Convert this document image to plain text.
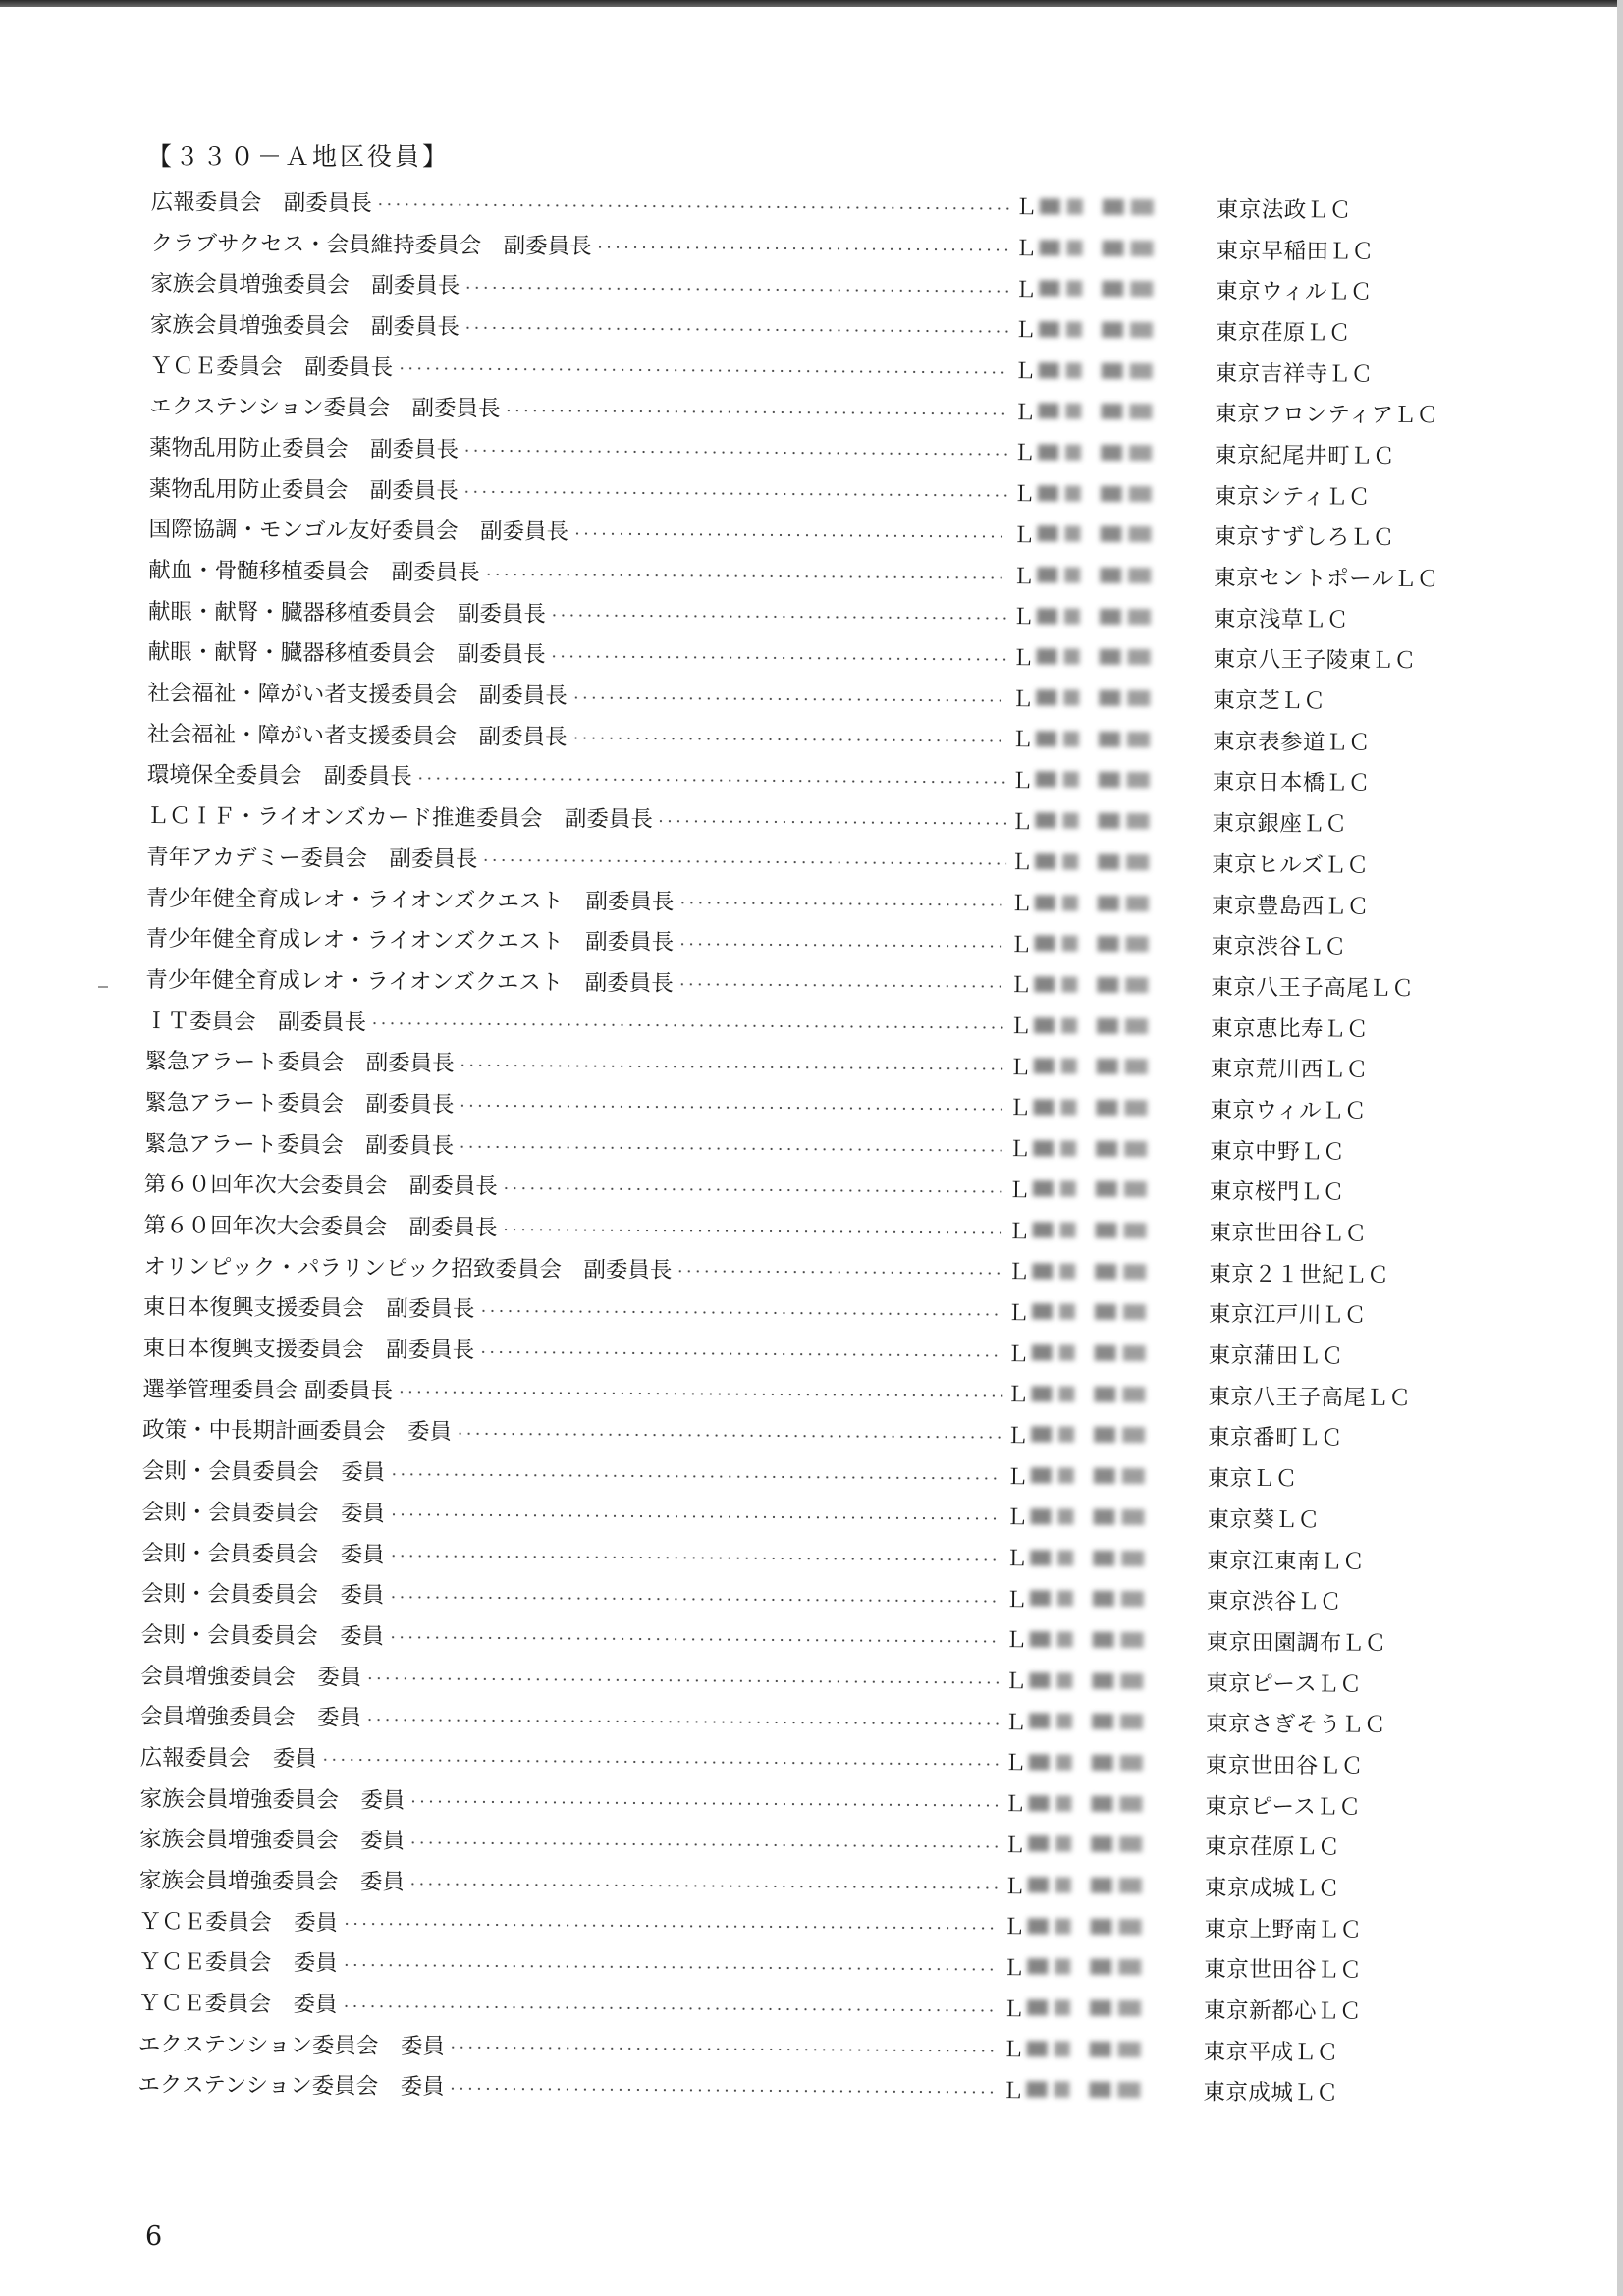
【３３０－Ａ地区役員】
広報委員会　副委員長	Ｌ	東京法政ＬＣ
クラブサクセス・会員維持委員会　副委員長	Ｌ	東京早稲田ＬＣ
家族会員増強委員会　副委員長	Ｌ	東京ウィルＬＣ
家族会員増強委員会　副委員長	Ｌ	東京荏原ＬＣ
ＹＣＥ委員会　副委員長	Ｌ	東京吉祥寺ＬＣ
エクステンション委員会　副委員長	Ｌ	東京フロンティアＬＣ
薬物乱用防止委員会　副委員長	Ｌ	東京紀尾井町ＬＣ
薬物乱用防止委員会　副委員長	Ｌ	東京シティＬＣ
国際協調・モンゴル友好委員会　副委員長	Ｌ	東京すずしろＬＣ
献血・骨髄移植委員会　副委員長	Ｌ	東京セントポールＬＣ
献眼・献腎・臓器移植委員会　副委員長	Ｌ	東京浅草ＬＣ
献眼・献腎・臓器移植委員会　副委員長	Ｌ	東京八王子陵東ＬＣ
社会福祉・障がい者支援委員会　副委員長	Ｌ	東京芝ＬＣ
社会福祉・障がい者支援委員会　副委員長	Ｌ	東京表参道ＬＣ
環境保全委員会　副委員長	Ｌ	東京日本橋ＬＣ
ＬＣＩＦ・ライオンズカード推進委員会　副委員長	Ｌ	東京銀座ＬＣ
青年アカデミー委員会　副委員長	Ｌ	東京ヒルズＬＣ
青少年健全育成レオ・ライオンズクエスト　副委員長	Ｌ	東京豊島西ＬＣ
青少年健全育成レオ・ライオンズクエスト　副委員長	Ｌ	東京渋谷ＬＣ
青少年健全育成レオ・ライオンズクエスト　副委員長	Ｌ	東京八王子高尾ＬＣ
ＩＴ委員会　副委員長	Ｌ	東京恵比寿ＬＣ
緊急アラート委員会　副委員長	Ｌ	東京荒川西ＬＣ
緊急アラート委員会　副委員長	Ｌ	東京ウィルＬＣ
緊急アラート委員会　副委員長	Ｌ	東京中野ＬＣ
第６０回年次大会委員会　副委員長	Ｌ	東京桜門ＬＣ
第６０回年次大会委員会　副委員長	Ｌ	東京世田谷ＬＣ
オリンピック・パラリンピック招致委員会　副委員長	Ｌ	東京２１世紀ＬＣ
東日本復興支援委員会　副委員長	Ｌ	東京江戸川ＬＣ
東日本復興支援委員会　副委員長	Ｌ	東京蒲田ＬＣ
選挙管理委員会 副委員長	Ｌ	東京八王子高尾ＬＣ
政策・中長期計画委員会　委員	Ｌ	東京番町ＬＣ
会則・会員委員会　委員	Ｌ	東京ＬＣ
会則・会員委員会　委員	Ｌ	東京葵ＬＣ
会則・会員委員会　委員	Ｌ	東京江東南ＬＣ
会則・会員委員会　委員	Ｌ	東京渋谷ＬＣ
会則・会員委員会　委員	Ｌ	東京田園調布ＬＣ
会員増強委員会　委員	Ｌ	東京ピースＬＣ
会員増強委員会　委員	Ｌ	東京さぎそうＬＣ
広報委員会　委員	Ｌ	東京世田谷ＬＣ
家族会員増強委員会　委員	Ｌ	東京ピースＬＣ
家族会員増強委員会　委員	Ｌ	東京荏原ＬＣ
家族会員増強委員会　委員	Ｌ	東京成城ＬＣ
ＹＣＥ委員会　委員	Ｌ	東京上野南ＬＣ
ＹＣＥ委員会　委員	Ｌ	東京世田谷ＬＣ
ＹＣＥ委員会　委員	Ｌ	東京新都心ＬＣ
エクステンション委員会　委員	Ｌ	東京平成ＬＣ
エクステンション委員会　委員	Ｌ	東京成城ＬＣ
6
